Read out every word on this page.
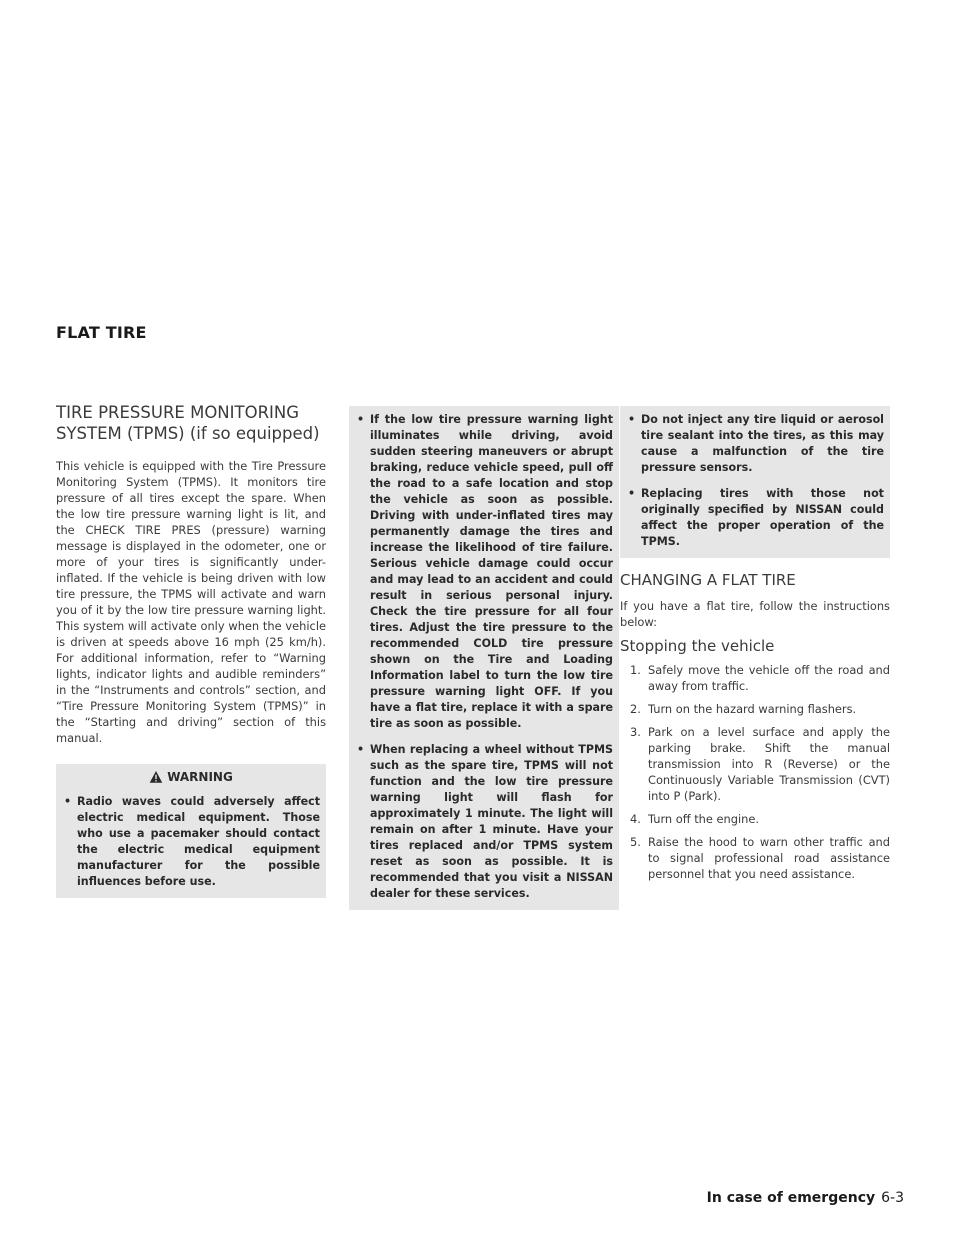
FLAT TIRE
TIRE PRESSURE MONITORING
SYSTEM (TPMS) (if so equipped)

This vehicle is equipped with the Tire Pressure Monitoring System (TPMS). It monitors tire pressure of all tires except the spare. When the low tire pressure warning light is lit, and the CHECK TIRE PRES (pressure) warning message is displayed in the odometer, one or more of your tires is significantly under-inflated. If the vehicle is being driven with low tire pressure, the TPMS will activate and warn you of it by the low tire pressure warning light. This system will activate only when the vehicle is driven at speeds above 16 mph (25 km/h). For additional information, refer to “Warning lights, indicator lights and audible reminders” in the “Instruments and controls” section, and “Tire Pressure Monitoring System (TPMS)” in the “Starting and driving” section of this manual.

WARNING
• Radio waves could adversely affect electric medical equipment. Those who use a pacemaker should contact the electric medical equipment manufacturer for the possible influences before use.
• If the low tire pressure warning light illuminates while driving, avoid sudden steering maneuvers or abrupt braking, reduce vehicle speed, pull off the road to a safe location and stop the vehicle as soon as possible. Driving with under-inflated tires may permanently damage the tires and increase the likelihood of tire failure. Serious vehicle damage could occur and may lead to an accident and could result in serious personal injury. Check the tire pressure for all four tires. Adjust the tire pressure to the recommended COLD tire pressure shown on the Tire and Loading Information label to turn the low tire pressure warning light OFF. If you have a flat tire, replace it with a spare tire as soon as possible.
• When replacing a wheel without TPMS such as the spare tire, TPMS will not function and the low tire pressure warning light will flash for approximately 1 minute. The light will remain on after 1 minute. Have your tires replaced and/or TPMS system reset as soon as possible. It is recommended that you visit a NISSAN dealer for these services.
• Do not inject any tire liquid or aerosol tire sealant into the tires, as this may cause a malfunction of the tire pressure sensors.
• Replacing tires with those not originally specified by NISSAN could affect the proper operation of the TPMS.
CHANGING A FLAT TIRE

If you have a flat tire, follow the instructions below:

Stopping the vehicle
1. Safely move the vehicle off the road and away from traffic.
2. Turn on the hazard warning flashers.
3. Park on a level surface and apply the parking brake. Shift the manual transmission into R (Reverse) or the Continuously Variable Transmission (CVT) into P (Park).
4. Turn off the engine.
5. Raise the hood to warn other traffic and to signal professional road assistance personnel that you need assistance.
In case of emergency 6-3
